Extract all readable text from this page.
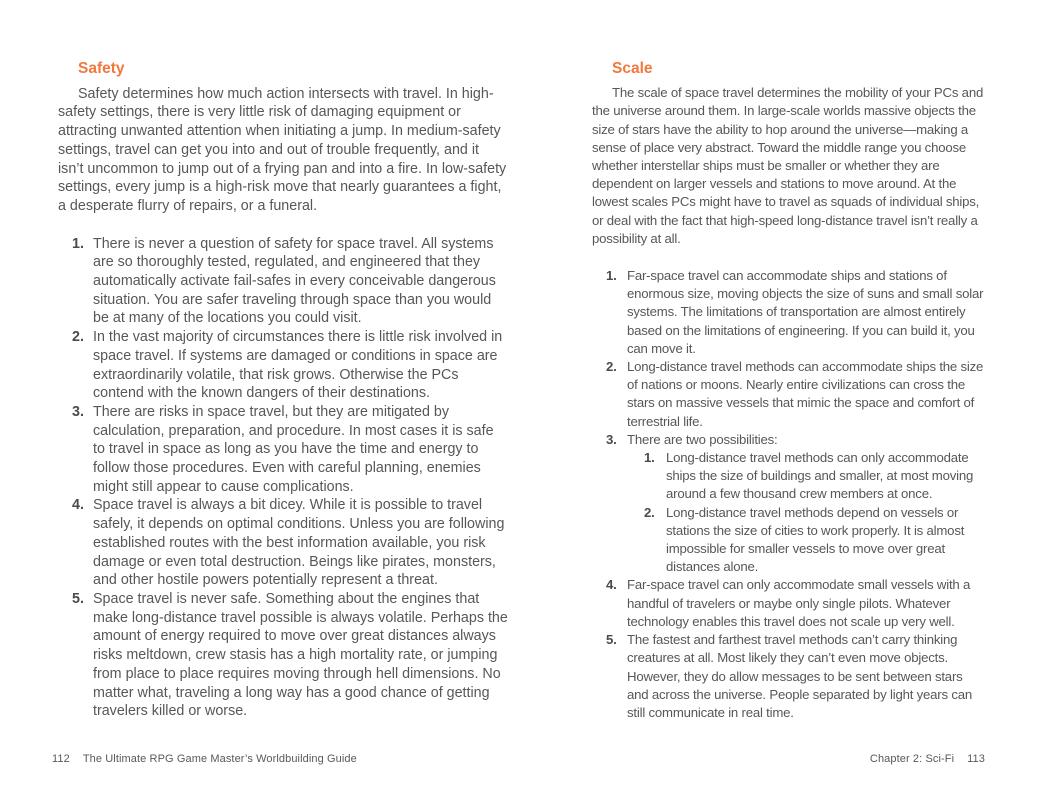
Safety

Safety determines how much action intersects with travel. In high-safety settings, there is very little risk of damaging equipment or attracting unwanted attention when initiating a jump. In medium-safety settings, travel can get you into and out of trouble frequently, and it isn’t uncommon to jump out of a frying pan and into a fire. In low-safety settings, every jump is a high-risk move that nearly guarantees a fight, a desperate flurry of repairs, or a funeral.

1. There is never a question of safety for space travel. All systems are so thoroughly tested, regulated, and engineered that they automatically activate fail-safes in every conceivable dangerous situation. You are safer traveling through space than you would be at many of the locations you could visit.
2. In the vast majority of circumstances there is little risk involved in space travel. If systems are damaged or conditions in space are extraordinarily volatile, that risk grows. Otherwise the PCs contend with the known dangers of their destinations.
3. There are risks in space travel, but they are mitigated by calculation, preparation, and procedure. In most cases it is safe to travel in space as long as you have the time and energy to follow those procedures. Even with careful planning, enemies might still appear to cause complications.
4. Space travel is always a bit dicey. While it is possible to travel safely, it depends on optimal conditions. Unless you are following established routes with the best information available, you risk damage or even total destruction. Beings like pirates, monsters, and other hostile powers potentially represent a threat.
5. Space travel is never safe. Something about the engines that make long-distance travel possible is always volatile. Perhaps the amount of energy required to move over great distances always risks meltdown, crew stasis has a high mortality rate, or jumping from place to place requires moving through hell dimensions. No matter what, traveling a long way has a good chance of getting travelers killed or worse.
Scale

The scale of space travel determines the mobility of your PCs and the universe around them. In large-scale worlds massive objects the size of stars have the ability to hop around the universe—making a sense of place very abstract. Toward the middle range you choose whether interstellar ships must be smaller or whether they are dependent on larger vessels and stations to move around. At the lowest scales PCs might have to travel as squads of individual ships, or deal with the fact that high-speed long-distance travel isn’t really a possibility at all.

1. Far-space travel can accommodate ships and stations of enormous size, moving objects the size of suns and small solar systems. The limitations of transportation are almost entirely based on the limitations of engineering. If you can build it, you can move it.
2. Long-distance travel methods can accommodate ships the size of nations or moons. Nearly entire civilizations can cross the stars on massive vessels that mimic the space and comfort of terrestrial life.
3. There are two possibilities:
1. Long-distance travel methods can only accommodate ships the size of buildings and smaller, at most moving around a few thousand crew members at once.
2. Long-distance travel methods depend on vessels or stations the size of cities to work properly. It is almost impossible for smaller vessels to move over great distances alone.
4. Far-space travel can only accommodate small vessels with a handful of travelers or maybe only single pilots. Whatever technology enables this travel does not scale up very well.
5. The fastest and farthest travel methods can’t carry thinking creatures at all. Most likely they can’t even move objects. However, they do allow messages to be sent between stars and across the universe. People separated by light years can still communicate in real time.
112 The Ultimate RPG Game Master’s Worldbuilding Guide	Chapter 2: Sci-Fi 113
